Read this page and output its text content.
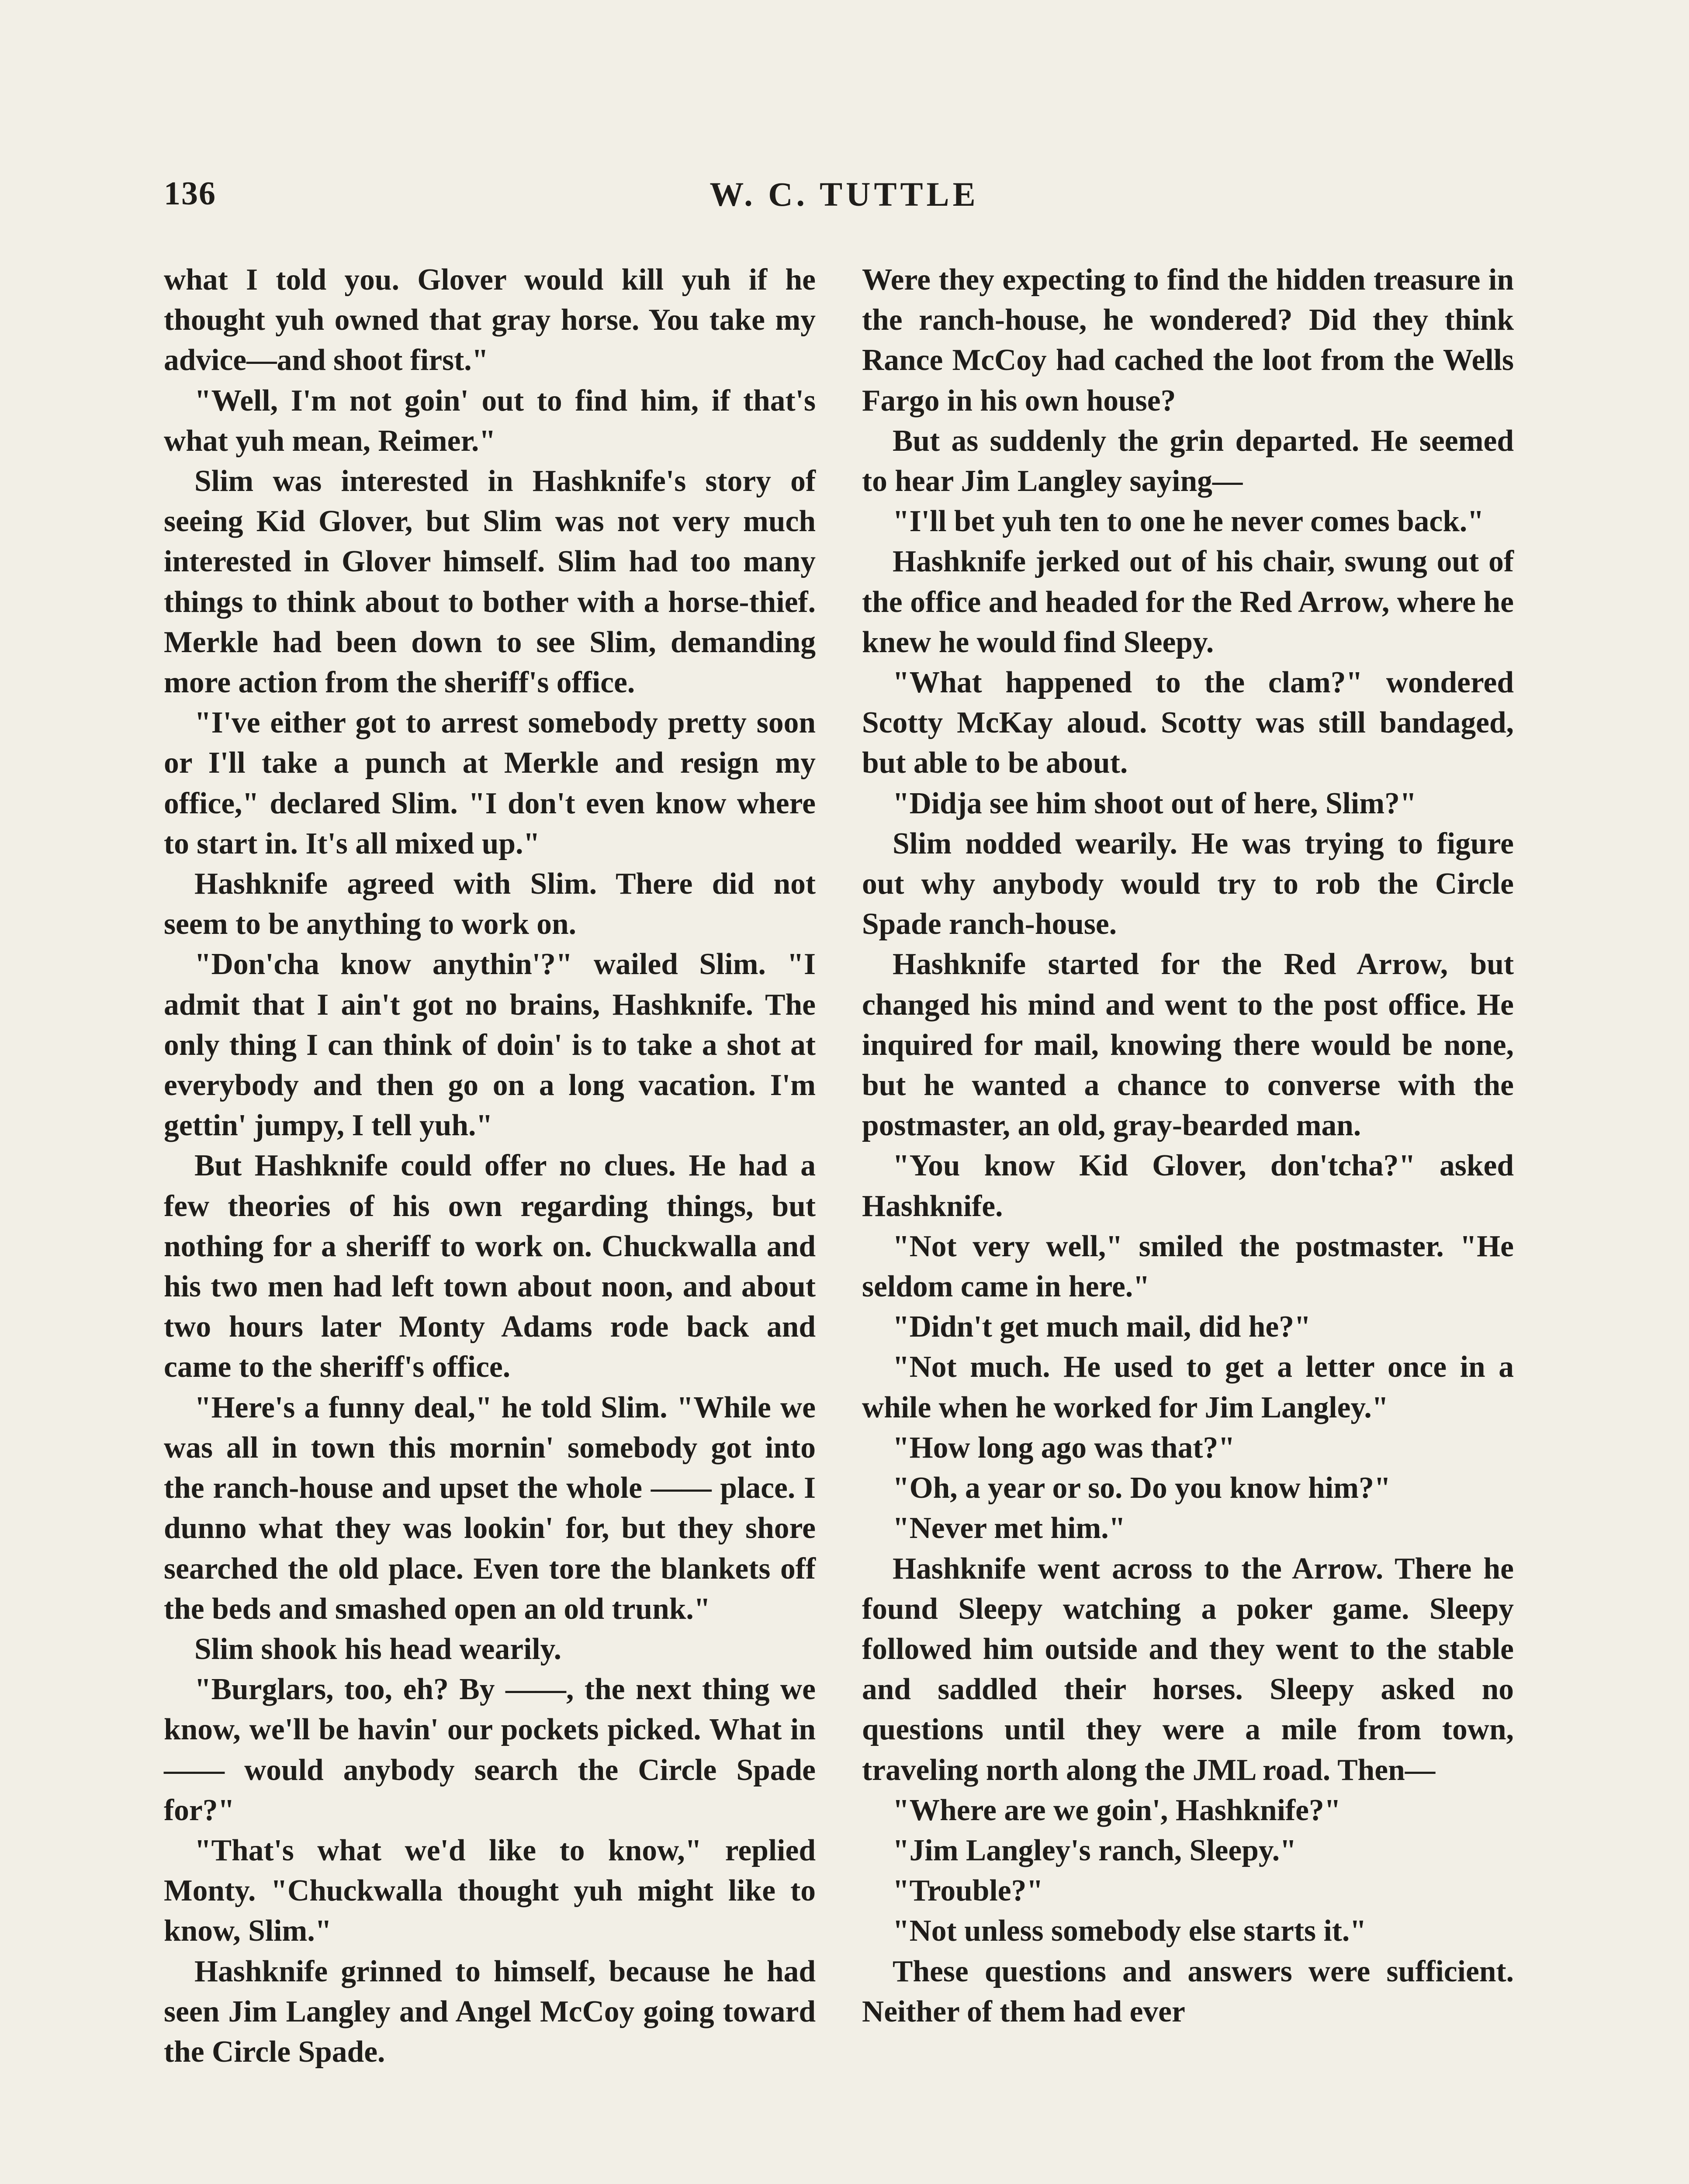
136	W. C. TUTTLE

what I told you. Glover would kill yuh if he thought yuh owned that gray horse. You take my advice—and shoot first."

"Well, I'm not goin' out to find him, if that's what yuh mean, Reimer."

Slim was interested in Hashknife's story of seeing Kid Glover, but Slim was not very much interested in Glover himself. Slim had too many things to think about to bother with a horse-thief. Merkle had been down to see Slim, demanding more action from the sheriff's office.

"I've either got to arrest somebody pretty soon or I'll take a punch at Merkle and resign my office," declared Slim. "I don't even know where to start in. It's all mixed up."

Hashknife agreed with Slim. There did not seem to be anything to work on.

"Don'cha know anythin'?" wailed Slim. "I admit that I ain't got no brains, Hashknife. The only thing I can think of doin' is to take a shot at everybody and then go on a long vacation. I'm gettin' jumpy, I tell yuh."

But Hashknife could offer no clues. He had a few theories of his own regarding things, but nothing for a sheriff to work on. Chuckwalla and his two men had left town about noon, and about two hours later Monty Adams rode back and came to the sheriff's office.

"Here's a funny deal," he told Slim. "While we was all in town this mornin' somebody got into the ranch-house and upset the whole —— place. I dunno what they was lookin' for, but they shore searched the old place. Even tore the blankets off the beds and smashed open an old trunk."

Slim shook his head wearily.

"Burglars, too, eh? By ——, the next thing we know, we'll be havin' our pockets picked. What in —— would anybody search the Circle Spade for?"

"That's what we'd like to know," replied Monty. "Chuckwalla thought yuh might like to know, Slim."

Hashknife grinned to himself, because he had seen Jim Langley and Angel McCoy going toward the Circle Spade.

Were they expecting to find the hidden treasure in the ranch-house, he wondered? Did they think Rance McCoy had cached the loot from the Wells Fargo in his own house?

But as suddenly the grin departed. He seemed to hear Jim Langley saying—

"I'll bet yuh ten to one he never comes back."

Hashknife jerked out of his chair, swung out of the office and headed for the Red Arrow, where he knew he would find Sleepy.

"What happened to the clam?" wondered Scotty McKay aloud. Scotty was still bandaged, but able to be about.

"Didja see him shoot out of here, Slim?"

Slim nodded wearily. He was trying to figure out why anybody would try to rob the Circle Spade ranch-house.

Hashknife started for the Red Arrow, but changed his mind and went to the post office. He inquired for mail, knowing there would be none, but he wanted a chance to converse with the postmaster, an old, gray-bearded man.

"You know Kid Glover, don'tcha?" asked Hashknife.

"Not very well," smiled the postmaster. "He seldom came in here."

"Didn't get much mail, did he?"

"Not much. He used to get a letter once in a while when he worked for Jim Langley."

"How long ago was that?"

"Oh, a year or so. Do you know him?"

"Never met him."

Hashknife went across to the Arrow. There he found Sleepy watching a poker game. Sleepy followed him outside and they went to the stable and saddled their horses. Sleepy asked no questions until they were a mile from town, traveling north along the JML road. Then—

"Where are we goin', Hashknife?"

"Jim Langley's ranch, Sleepy."

"Trouble?"

"Not unless somebody else starts it."

These questions and answers were sufficient. Neither of them had ever
